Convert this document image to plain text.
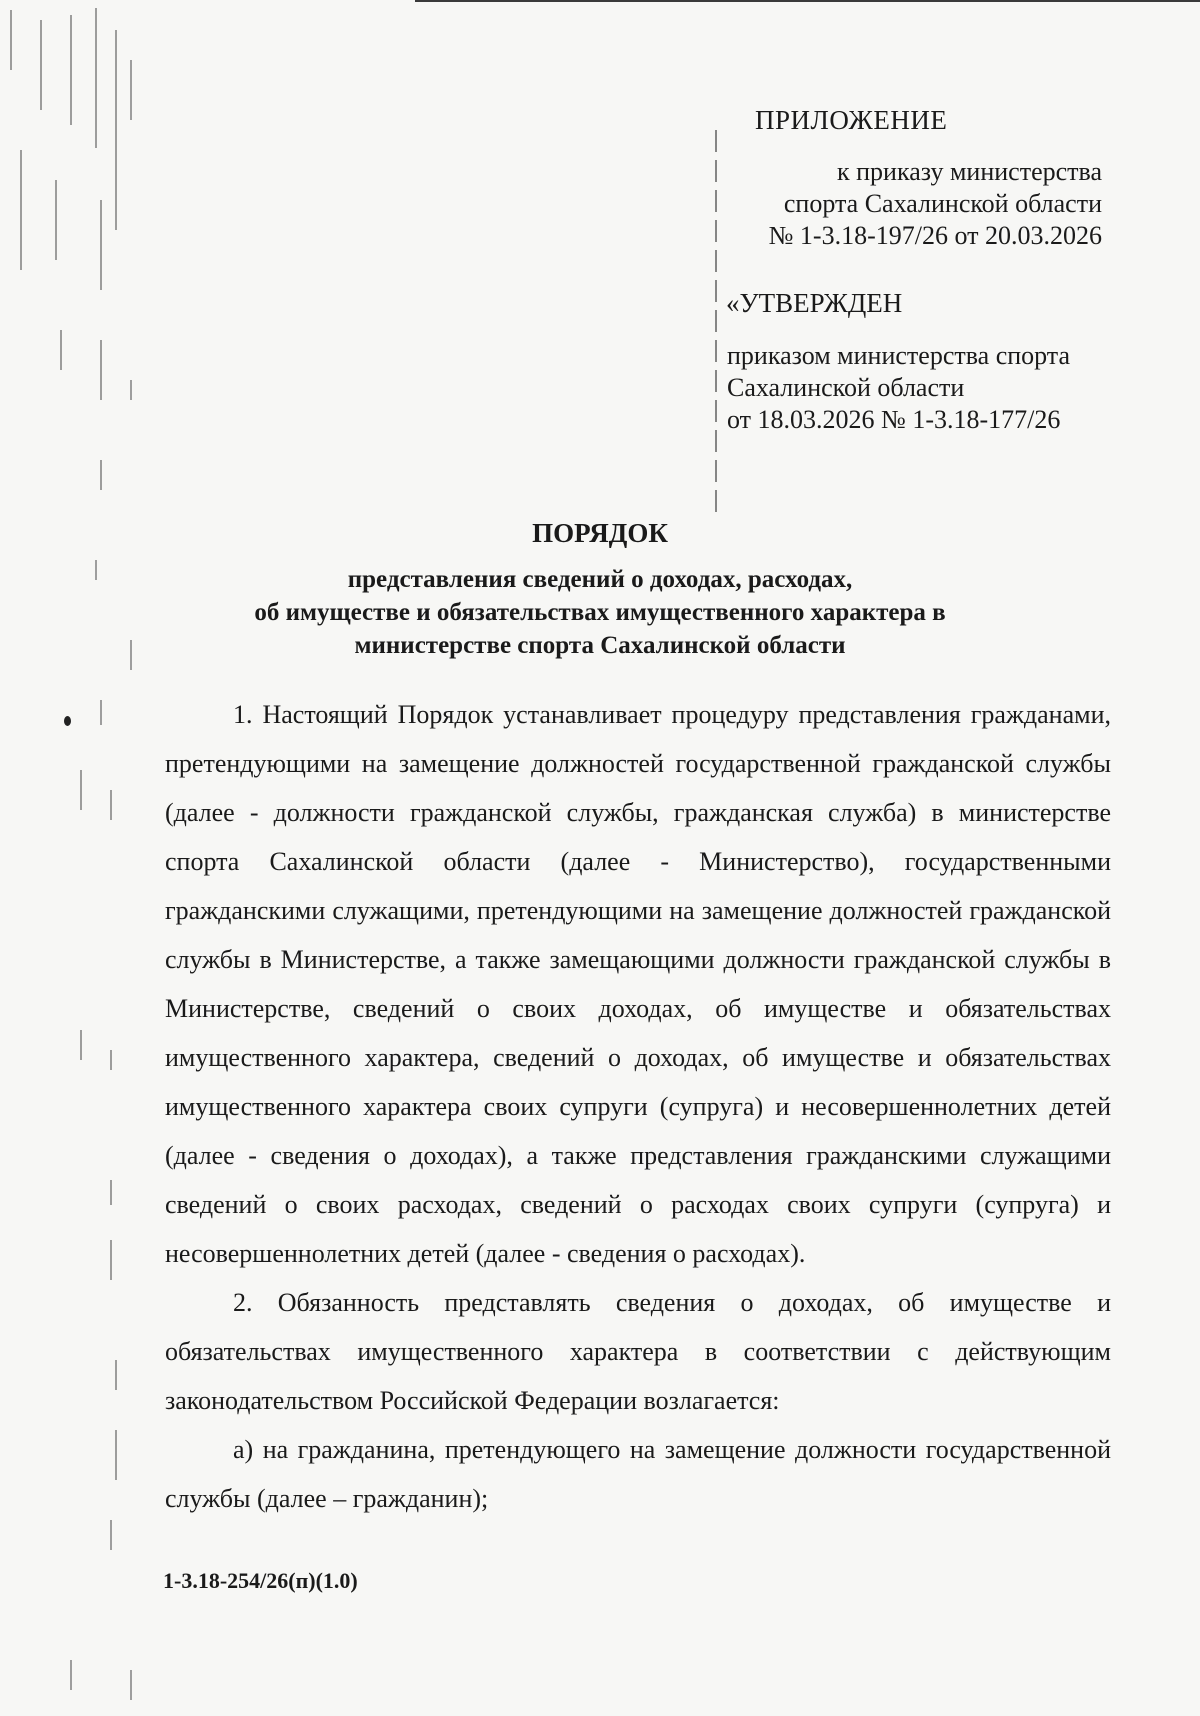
ПРИЛОЖЕНИЕ
к приказу министерства
спорта Сахалинской области
№ 1-3.18-197/26 от 20.03.2026
«УТВЕРЖДЕН
приказом министерства спорта
Сахалинской области
от 18.03.2026 № 1-3.18-177/26
ПОРЯДОК
представления сведений о доходах, расходах,
об имуществе и обязательствах имущественного характера в
министерстве спорта Сахалинской области

1. Настоящий Порядок устанавливает процедуру представления гражданами, претендующими на замещение должностей государственной гражданской службы (далее - должности гражданской службы, гражданская служба) в министерстве спорта Сахалинской области (далее - Министерство), государственными гражданскими служащими, претендующими на замещение должностей гражданской службы в Министерстве, а также замещающими должности гражданской службы в Министерстве, сведений о своих доходах, об имуществе и обязательствах имущественного характера, сведений о доходах, об имуществе и обязательствах имущественного характера своих супруги (супруга) и несовершеннолетних детей (далее - сведения о доходах), а также представления гражданскими служащими сведений о своих расходах, сведений о расходах своих супруги (супруга) и несовершеннолетних детей (далее - сведения о расходах).

2. Обязанность представлять сведения о доходах, об имуществе и обязательствах имущественного характера в соответствии с действующим законодательством Российской Федерации возлагается:

а) на гражданина, претендующего на замещение должности государственной службы (далее – гражданин);

1-3.18-254/26(п)(1.0)
